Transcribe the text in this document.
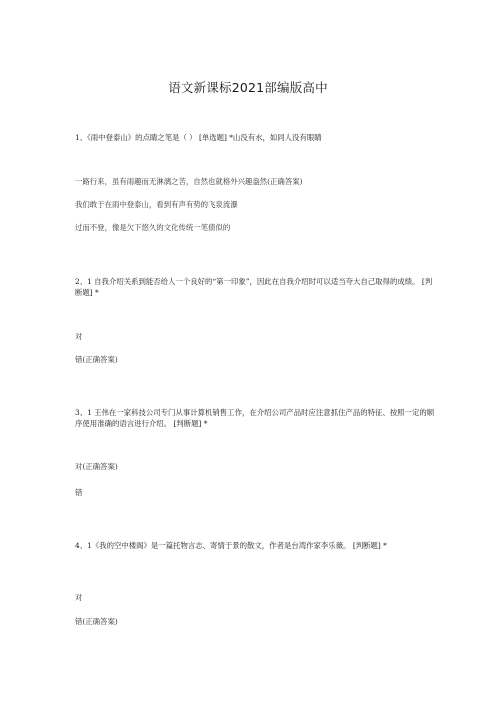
语文新课标2021部编版高中
1、《雨中登泰山》的点睛之笔是（ ） [单选题] *山没有水，如同人没有眼睛
一路行来，虽有雨趣而无淋漓之苦，自然也就格外兴趣盎然(正确答案)
我们敢于在雨中登泰山，看到有声有势的飞泉流瀑
过而不登，像是欠下悠久的文化传统一笔债似的
2、1 自我介绍关系到能否给人一个良好的“第一印象”，因此在自我介绍时可以适当夸大自己取得的成绩。 [判断题] *
对
错(正确答案)
3、1 王伟在一家科技公司专门从事计算机销售工作，在介绍公司产品时应注意抓住产品的特征、按照一定的顺序使用准确的语言进行介绍。 [判断题] *
对(正确答案)
错
4、1《我的空中楼阁》是一篇托物言志、寄情于景的散文，作者是台湾作家李乐薇。 [判断题] *
对
错(正确答案)
